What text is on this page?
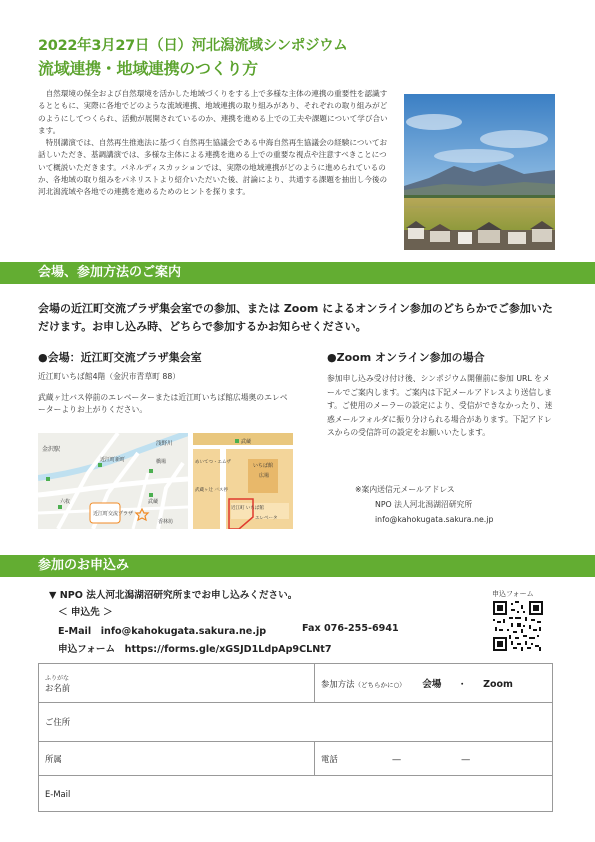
2022年3月27日（日）河北潟流域シンポジウム
流域連携・地域連携のつくり方

自然環境の保全および自然環境を活かした地域づくりをする上で多様な主体の連携の重要性を認識するとともに、実際に各地でどのような流域連携、地域連携の取り組みがあり、それぞれの取り組みがどのようにしてつくられ、活動が展開されているのか、連携を進める上での工夫や課題について学び合います。

特別講演では、自然再生推進法に基づく自然再生協議会である中海自然再生協議会の経験についてお話しいただき、基調講演では、多様な主体による連携を進める上での重要な視点や注意すべきことについて概説いただきます。パネルディスカッションでは、実際の地域連携がどのように進められているのか、各地域の取り組みをパネリストより紹介いただいた後、討論により、共通する課題を抽出し今後の河北潟流域や各地での連携を進めるためのヒントを探ります。

会場、参加方法のご案内
会場の近江町交流プラザ集会室での参加、または Zoom によるオンライン参加のどちらかでご参加いただけます。お申し込み時、どちらで参加するかお知らせください。
●会場：近江町交流プラザ集会室
近江町いちば館4階（金沢市青草町 88）
武蔵ヶ辻バス停前のエレベーターまたは近江町いちば館広場奥のエレベーターよりお上がりください。
金沢駅
浅野川
近江町新町	橋場
六枚	武蔵
香林坊
近江町交流プラザ
武蔵
いちば館
広場
めいてつ・エムザ
武蔵ヶ辻 バス停
近江町 いちば館
エレベータ
●Zoom オンライン参加の場合
参加申し込み受け付け後、シンポジウム開催前に参加 URL をメールでご案内します。ご案内は下記メールアドレスより送信します。ご使用のメーラーの設定により、受信ができなかったり、迷惑メールフォルダに振り分けられる場合があります。下記アドレスからの受信許可の設定をお願いいたします。
※案内送信元メールアドレス
NPO 法人河北潟湖沼研究所
info@kahokugata.sakura.ne.jp
参加のお申込み
▼ NPO 法人河北潟湖沼研究所までお申し込みください。
＜ 申込先 ＞
E-Mail　info@kahokugata.sakura.ne.jp	Fax 076-255-6941
申込フォーム　https://forms.gle/xGSJD1LdpAp9CLNt7
申込フォーム
ふりがな
お名前	参加方法（どちらかに○） 会場 ・ Zoom
ご住所	
所属	電話 ― ―
E-Mail	
